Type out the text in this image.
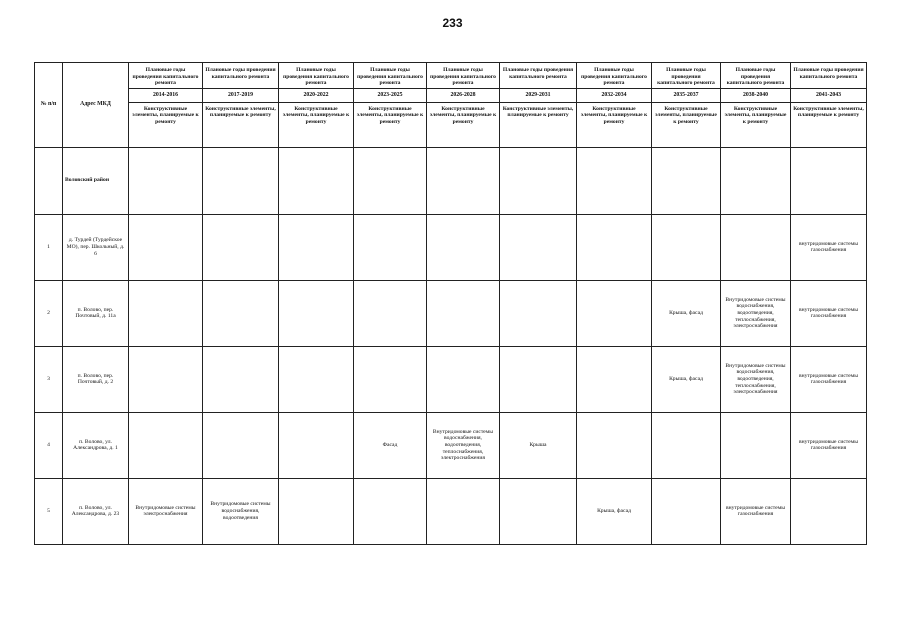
233
№ п/п	Адрес МКД	Плановые годы проведения капитального ремонта	Плановые годы проведения капитального ремонта	Плановые годы проведения капитального ремонта	Плановые годы проведения капитального ремонта	Плановые годы проведения капитального ремонта	Плановые годы проведения капитального ремонта	Плановые годы проведения капитального ремонта	Плановые годы проведения капитального ремонта	Плановые годы проведения капитального ремонта	Плановые годы проведения капитального ремонта
		2014-2016	2017-2019	2020-2022	2023-2025	2026-2028	2029-2031	2032-2034	2035-2037	2038-2040	2041-2043
		Конструктивные элементы, планируемые к ремонту	Конструктивные элементы, планируемые к ремонту	Конструктивные элементы, планируемые к ремонту	Конструктивные элементы, планируемые к ремонту	Конструктивные элементы, планируемые к ремонту	Конструктивные элементы, планируемые к ремонту	Конструктивные элементы, планируемые к ремонту	Конструктивные элементы, планируемые к ремонту	Конструктивные элементы, планируемые к ремонту	Конструктивные элементы, планируемые к ремонту
	Воловский район										
1	д. Турдей (Турдейское МО), пер. Школьный, д. 6										внутридомовые системы газоснабжения
2	п. Волово, пер. Почтовый, д. 11а								Крыша, фасад	Внутридомовые системы водоснабжения, водоотведения, теплоснабжения, электроснабжения	внутридомовые системы газоснабжения
3	п. Волово, пер. Почтовый, д. 2								Крыша, фасад	Внутридомовые системы водоснабжения, водоотведения, теплоснабжения, электроснабжения	внутридомовые системы газоснабжения
4	п. Волово, ул. Александрова, д. 1				Фасад	Внутридомовые системы водоснабжения, водоотведения, теплоснабжения, электроснабжения	Крыша				внутридомовые системы газоснабжения
5	п. Волово, ул. Александрова, д. 23	Внутридомовые системы электроснабжения	Внутридомовые системы водоснабжения, водоотведения					Крыша, фасад		внутридомовые системы газоснабжения	
